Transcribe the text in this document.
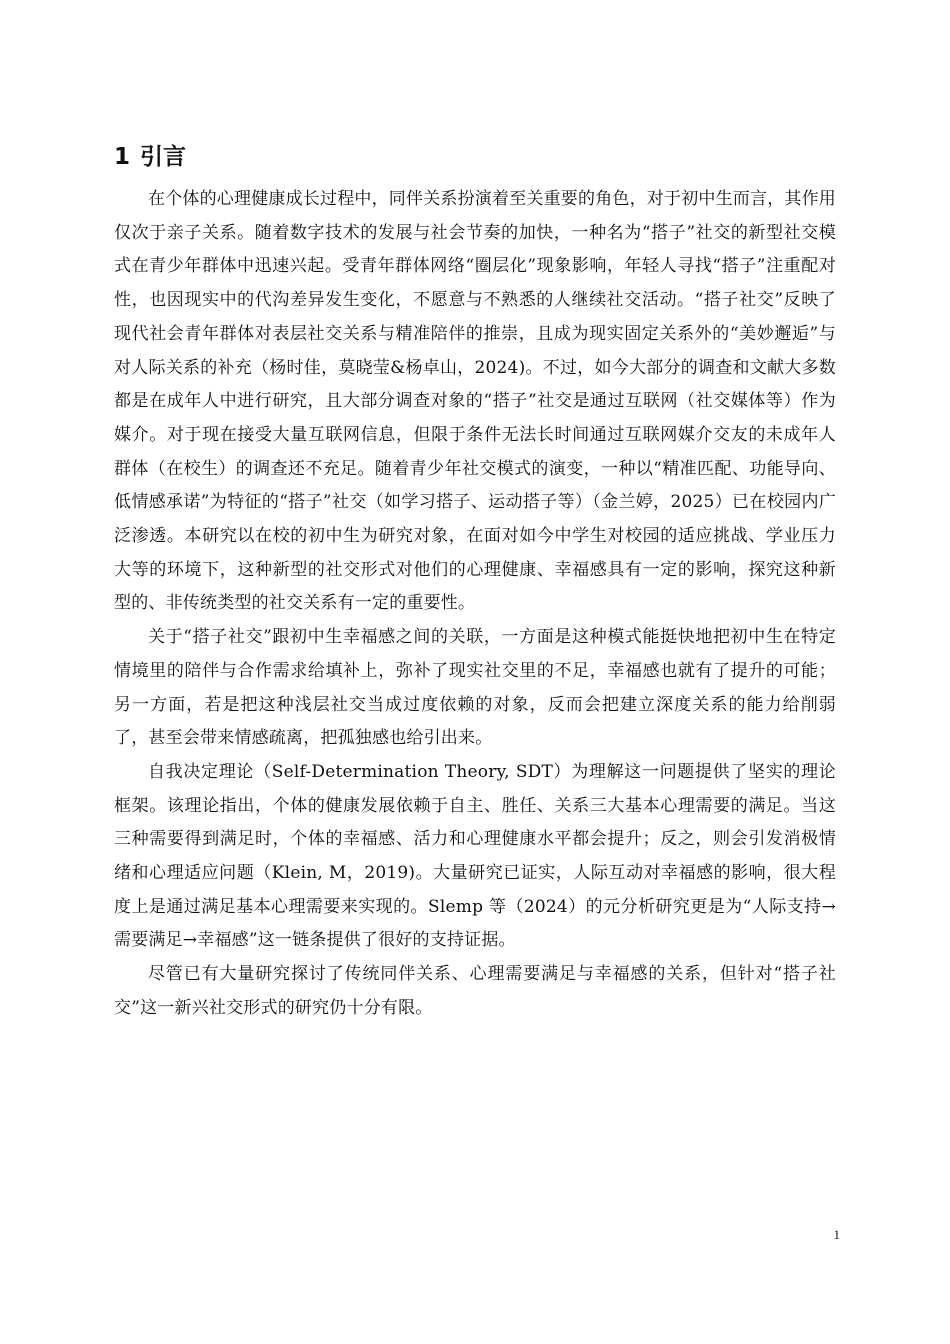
1 引言

在个体的心理健康成长过程中，同伴关系扮演着至关重要的角色，对于初中生而言，其作用仅次于亲子关系。随着数字技术的发展与社会节奏的加快，一种名为“搭子”社交的新型社交模式在青少年群体中迅速兴起。受青年群体网络“圈层化”现象影响，年轻人寻找“搭子”注重配对性，也因现实中的代沟差异发生变化，不愿意与不熟悉的人继续社交活动。“搭子社交”反映了现代社会青年群体对表层社交关系与精准陪伴的推崇，且成为现实固定关系外的“美妙邂逅”与对人际关系的补充（杨时佳，莫晓莹&杨卓山，2024)。不过，如今大部分的调查和文献大多数都是在成年人中进行研究，且大部分调查对象的“搭子”社交是通过互联网（社交媒体等）作为媒介。对于现在接受大量互联网信息，但限于条件无法长时间通过互联网媒介交友的未成年人群体（在校生）的调查还不充足。随着青少年社交模式的演变，一种以“精准匹配、功能导向、低情感承诺”为特征的“搭子”社交（如学习搭子、运动搭子等）（金兰婷，2025）已在校园内广泛渗透。本研究以在校的初中生为研究对象，在面对如今中学生对校园的适应挑战、学业压力大等的环境下，这种新型的社交形式对他们的心理健康、幸福感具有一定的影响，探究这种新型的、非传统类型的社交关系有一定的重要性。

关于“搭子社交”跟初中生幸福感之间的关联，一方面是这种模式能挺快地把初中生在特定情境里的陪伴与合作需求给填补上，弥补了现实社交里的不足，幸福感也就有了提升的可能；另一方面，若是把这种浅层社交当成过度依赖的对象，反而会把建立深度关系的能力给削弱了，甚至会带来情感疏离，把孤独感也给引出来。

自我决定理论（Self-Determination Theory, SDT）为理解这一问题提供了坚实的理论框架。该理论指出，个体的健康发展依赖于自主、胜任、关系三大基本心理需要的满足。当这三种需要得到满足时，个体的幸福感、活力和心理健康水平都会提升；反之，则会引发消极情绪和心理适应问题（Klein, M，2019)。大量研究已证实，人际互动对幸福感的影响，很大程度上是通过满足基本心理需要来实现的。Slemp 等（2024）的元分析研究更是为“人际支持→需要满足→幸福感”这一链条提供了很好的支持证据。

尽管已有大量研究探讨了传统同伴关系、心理需要满足与幸福感的关系，但针对“搭子社交”这一新兴社交形式的研究仍十分有限。

1
